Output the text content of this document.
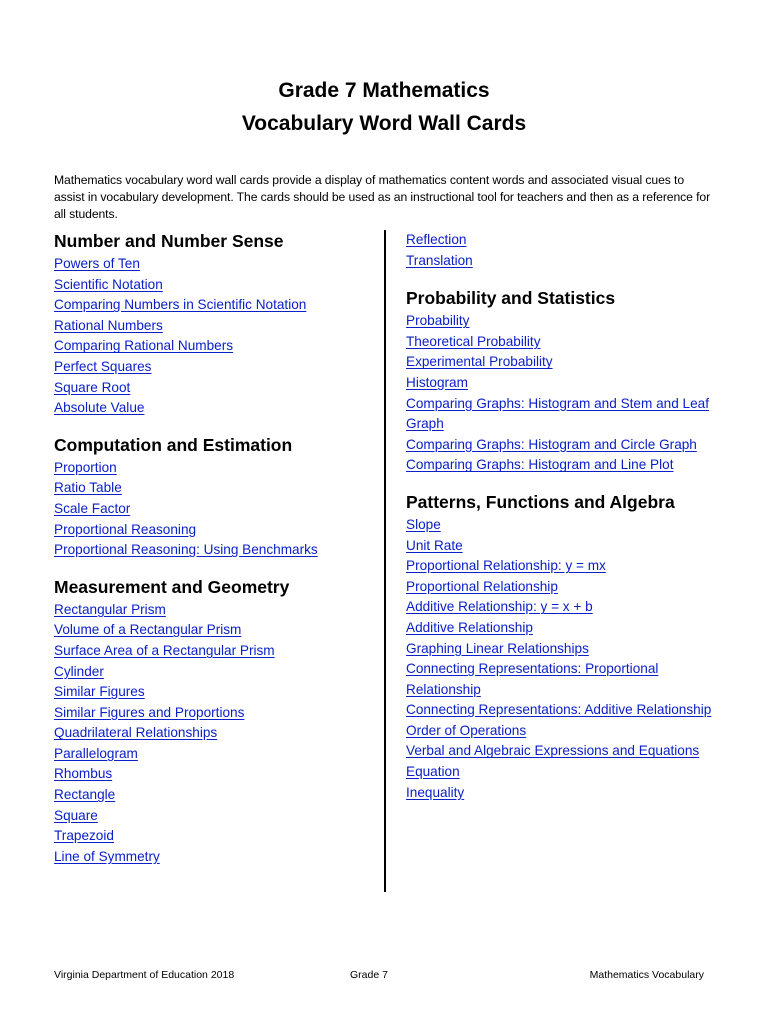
Grade 7 Mathematics
Vocabulary Word Wall Cards

Mathematics vocabulary word wall cards provide a display of mathematics content words and associated visual cues to assist in vocabulary development. The cards should be used as an instructional tool for teachers and then as a reference for all students.

Number and Number Sense
Powers of Ten
Scientific Notation
Comparing Numbers in Scientific Notation
Rational Numbers
Comparing Rational Numbers
Perfect Squares
Square Root
Absolute Value
Computation and Estimation
Proportion
Ratio Table
Scale Factor
Proportional Reasoning
Proportional Reasoning: Using Benchmarks
Measurement and Geometry
Rectangular Prism
Volume of a Rectangular Prism
Surface Area of a Rectangular Prism
Cylinder
Similar Figures
Similar Figures and Proportions
Quadrilateral Relationships
Parallelogram
Rhombus
Rectangle
Square
Trapezoid
Line of Symmetry
Reflection
Translation
Probability and Statistics
Probability
Theoretical Probability
Experimental Probability
Histogram
Comparing Graphs: Histogram and Stem and Leaf Graph
Comparing Graphs: Histogram and Circle Graph
Comparing Graphs: Histogram and Line Plot
Patterns, Functions and Algebra
Slope
Unit Rate
Proportional Relationship: y = mx
Proportional Relationship
Additive Relationship: y = x + b
Additive Relationship
Graphing Linear Relationships
Connecting Representations: Proportional Relationship
Connecting Representations: Additive Relationship
Order of Operations
Verbal and Algebraic Expressions and Equations
Equation
Inequality
Virginia Department of Education 2018	Grade 7	Mathematics Vocabulary
